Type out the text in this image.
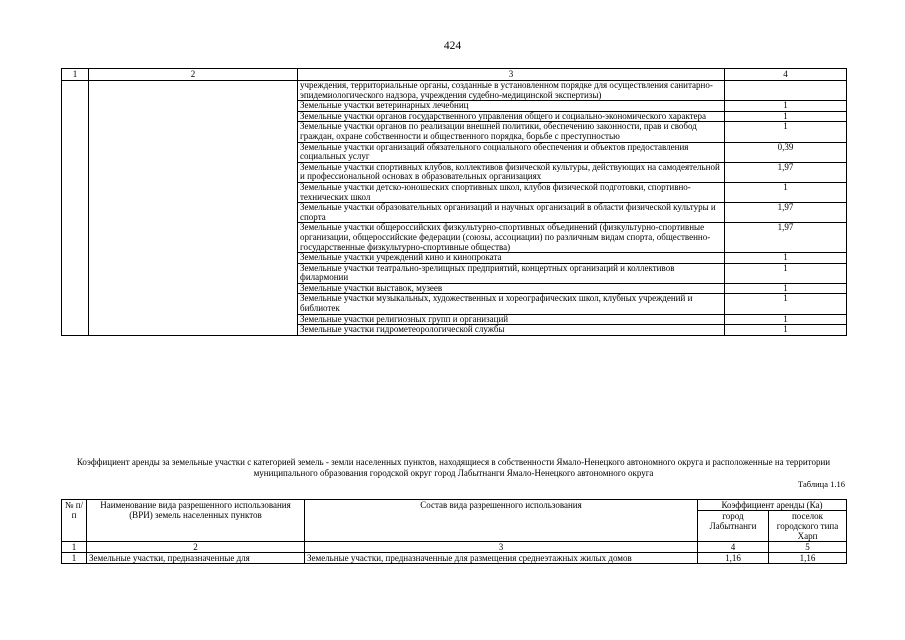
424
1	2	3	4
		учреждения, территориальные органы, созданные в установленном порядке для осуществления санитарно-эпидемиологического надзора, учреждения судебно-медицинской экспертизы)	
		Земельные участки ветеринарных лечебниц	1
		Земельные участки органов государственного управления общего и социально-экономического характера	1
		Земельные участки органов по реализации внешней политики, обеспечению законности, прав и свобод граждан, охране собственности и общественного порядка, борьбе с преступностью	1
		Земельные участки организаций обязательного социального обеспечения и объектов предоставления социальных услуг	0,39
		Земельные участки спортивных клубов, коллективов физической культуры, действующих на самодеятельной и профессиональной основах в образовательных организациях	1,97
		Земельные участки детско-юношеских спортивных школ, клубов физической подготовки, спортивно-технических школ	1
		Земельные участки образовательных организаций и научных организаций в области физической культуры и спорта	1,97
		Земельные участки общероссийских физкультурно-спортивных объединений (физкультурно-спортивные организации, общероссийские федерации (союзы, ассоциации) по различным видам спорта, общественно-государственные физкультурно-спортивные общества)	1,97
		Земельные участки учреждений кино и кинопроката	1
		Земельные участки театрально-зрелищных предприятий, концертных организаций и коллективов филармонии	1
		Земельные участки выставок, музеев	1
		Земельные участки музыкальных, художественных и хореографических школ, клубных учреждений и библиотек	1
		Земельные участки религиозных групп и организаций	1
		Земельные участки гидрометеорологической службы	1
Коэффициент аренды за земельные участки с категорией земель - земли населенных пунктов, находящиеся в собственности Ямало-Ненецкого автономного округа и расположенные на территории муниципального образования городской округ город Лабытнанги Ямало-Ненецкого автономного округа
Таблица 1.16
№ п/п	Наименование вида разрешенного использования (ВРИ) земель населенных пунктов	Состав вида разрешенного использования	Коэффициент аренды (Ка)	
			город Лабытнанги	поселок городского типа Харп
1	2	3	4	5
1	Земельные участки, предназначенные для	Земельные участки, предназначенные для размещения среднеэтажных жилых домов	1,16	1,16
